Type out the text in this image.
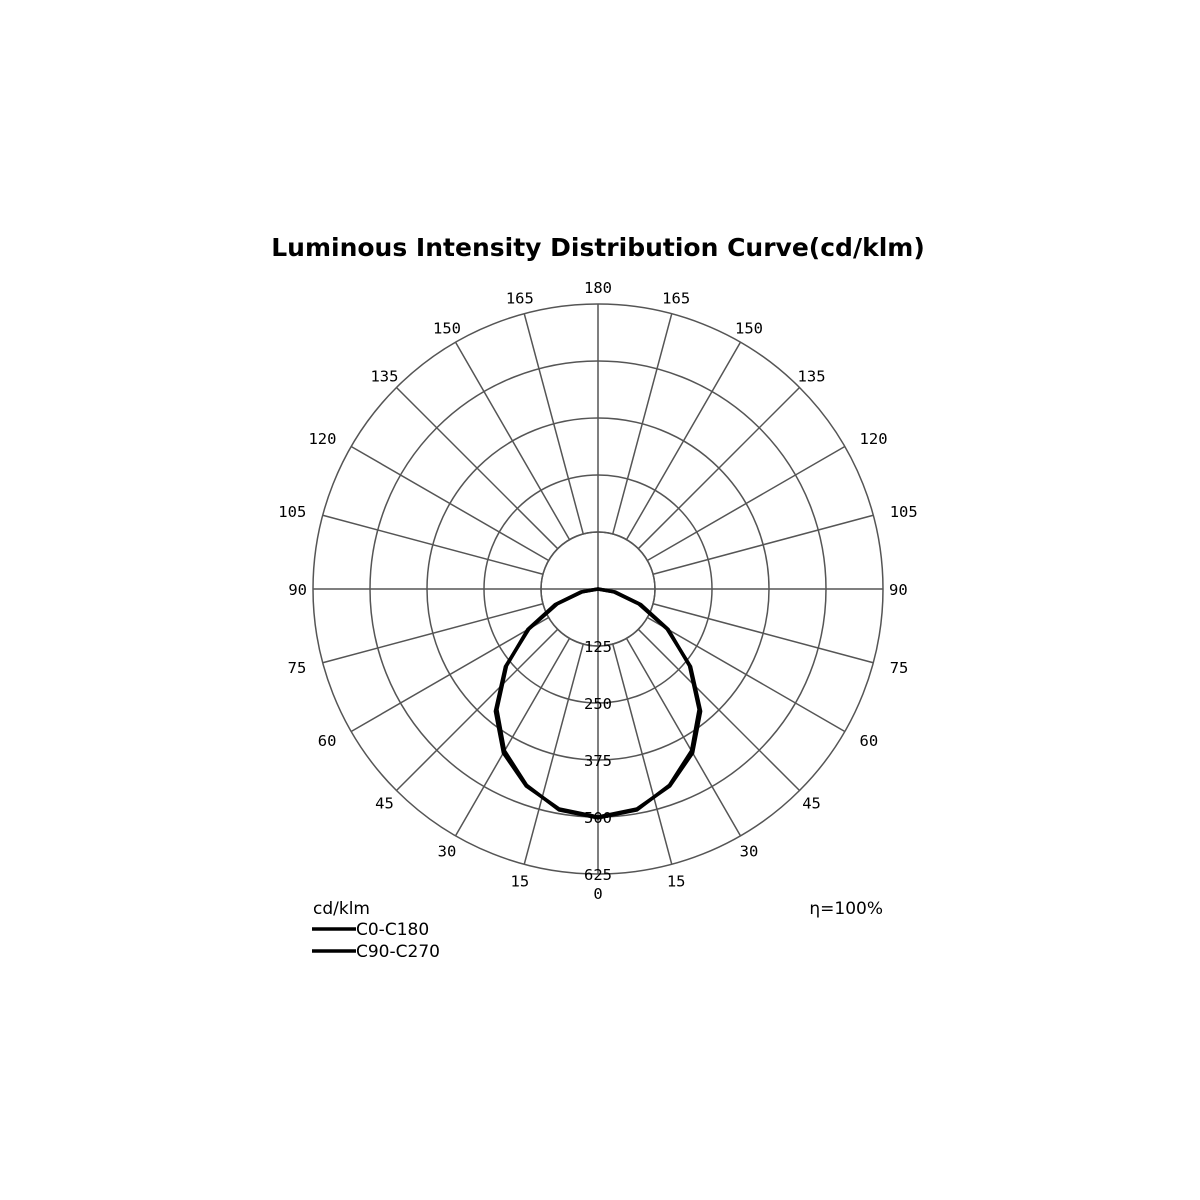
Luminous Intensity Distribution Curve(cd/klm)
125
250
375
500
625
0
15
30
45
60
75
90
105
120
135
150
165
180
15
30
45
60
75
90
105
120
135
150
165
cd/klm	η=100%
C0-C180
C90-C270
